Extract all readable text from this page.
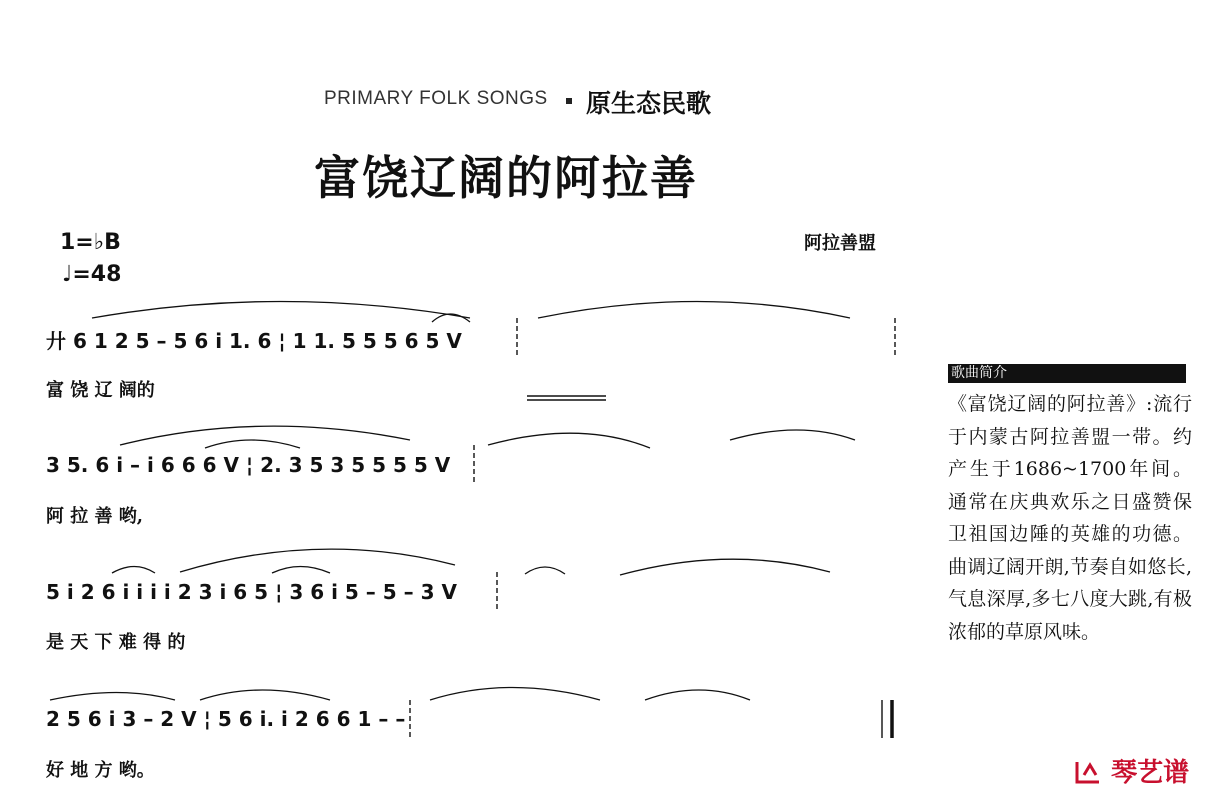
PRIMARY FOLK SONGS 原生态民歌
富饶辽阔的阿拉善
1=♭B
♩=48
阿拉善盟
廾 6 1 2 5 – 5 6 i 1. 6 ¦ 1 1. 5 5 5 6 5 V
富 饶 辽 阔的
3 5. 6 i – i 6 6 6 V ¦ 2. 3 5 3 5 5 5 5 V
阿 拉 善 哟,
5 i 2 6 i i i i 2 3 i 6 5 ¦ 3 6 i 5 – 5 – 3 V
是 天 下 难 得 的
2 5 6 i 3 – 2 V ¦ 5 6 i. i 2 6 6 1 – –
好 地 方 哟。
歌曲简介
《富饶辽阔的阿拉善》:流行于内蒙古阿拉善盟一带。约产生于1686~1700年间。通常在庆典欢乐之日盛赞保卫祖国边陲的英雄的功德。曲调辽阔开朗,节奏自如悠长,气息深厚,多七八度大跳,有极浓郁的草原风味。
琴艺谱
